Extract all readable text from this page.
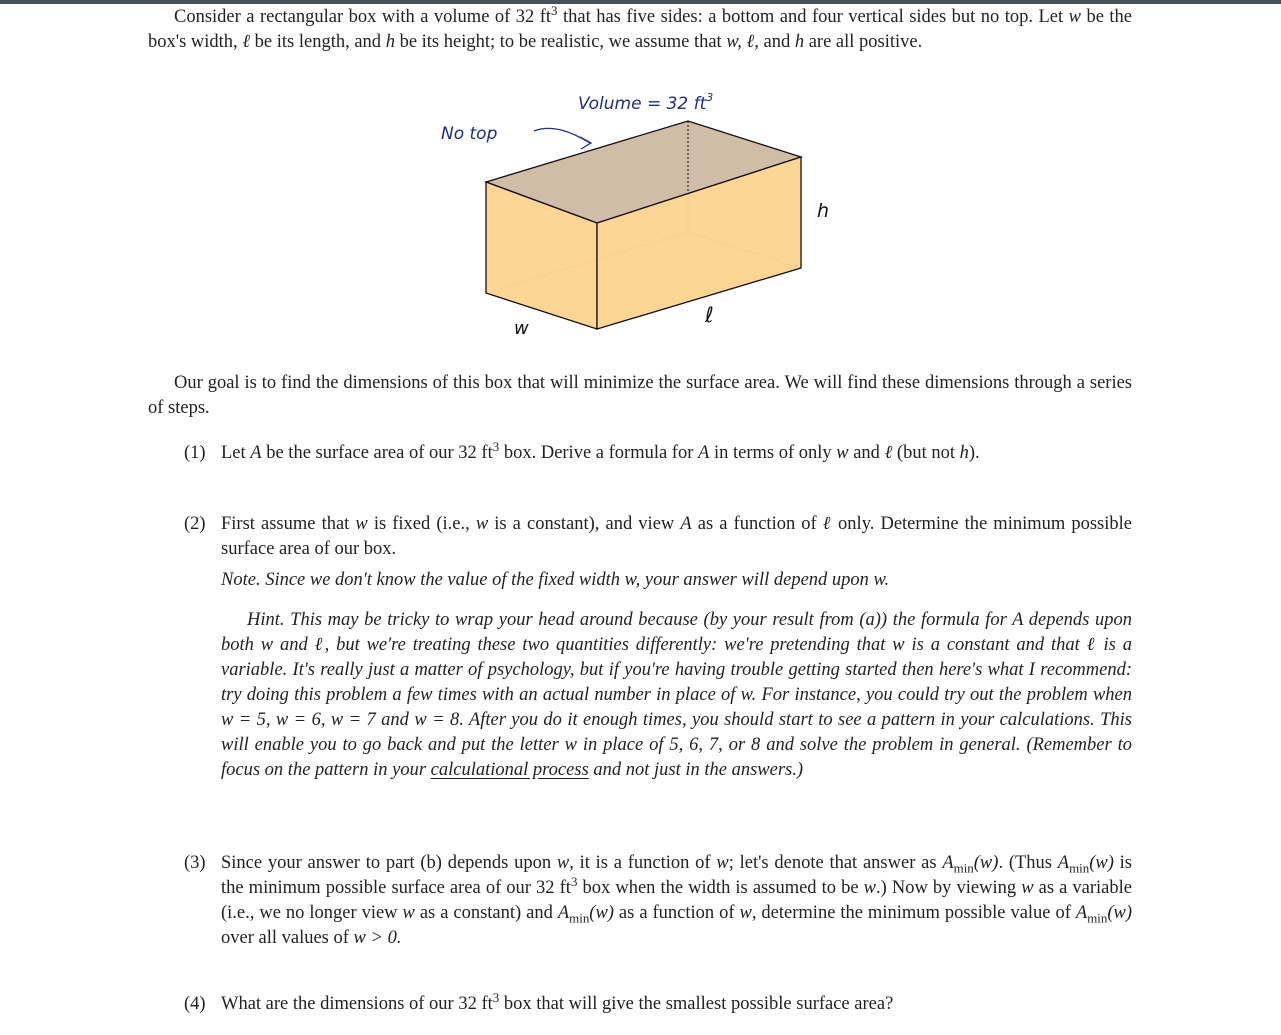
Consider a rectangular box with a volume of 32 $ft^3$ that has five sides: a bottom and four vertical sides but no top. Let w be the box's width, ℓ be its length, and h be its height; to be realistic, we assume that w, ℓ, and h are all positive.

Volume = 32 $ft^3$
No top
h
ℓ
w

Our goal is to find the dimensions of this box that will minimize the surface area. We will find these dimensions through a series of steps.

(1) Let A be the surface area of our 32 $ft^3$ box. Derive a formula for A in terms of only w and ℓ (but not h).
(2) First assume that w is fixed (i.e., w is a constant), and view A as a function of ℓ only. Determine the minimum possible surface area of our box.
Note. Since we don't know the value of the fixed width w, your answer will depend upon w.

Hint. This may be tricky to wrap your head around because (by your result from (a)) the formula for A depends upon both w and ℓ, but we're treating these two quantities differently: we're pretending that w is a constant and that ℓ is a variable. It's really just a matter of psychology, but if you're having trouble getting started then here's what I recommend: try doing this problem a few times with an actual number in place of w. For instance, you could try out the problem when w = 5, w = 6, w = 7 and w = 8. After you do it enough times, you should start to see a pattern in your calculations. This will enable you to go back and put the letter w in place of 5, 6, 7, or 8 and solve the problem in general. (Remember to focus on the pattern in your calculational process and not just in the answers.)

(3) Since your answer to part (b) depends upon w, it is a function of w; let's denote that answer as $A_{min}(w)$. (Thus $A_{min}(w)$ is the minimum possible surface area of our 32 $ft^3$ box when the width is assumed to be w.) Now by viewing w as a variable (i.e., we no longer view w as a constant) and $A_{min}(w)$ as a function of w, determine the minimum possible value of $A_{min}(w)$ over all values of w > 0.
(4) What are the dimensions of our 32 $ft^3$ box that will give the smallest possible surface area?
